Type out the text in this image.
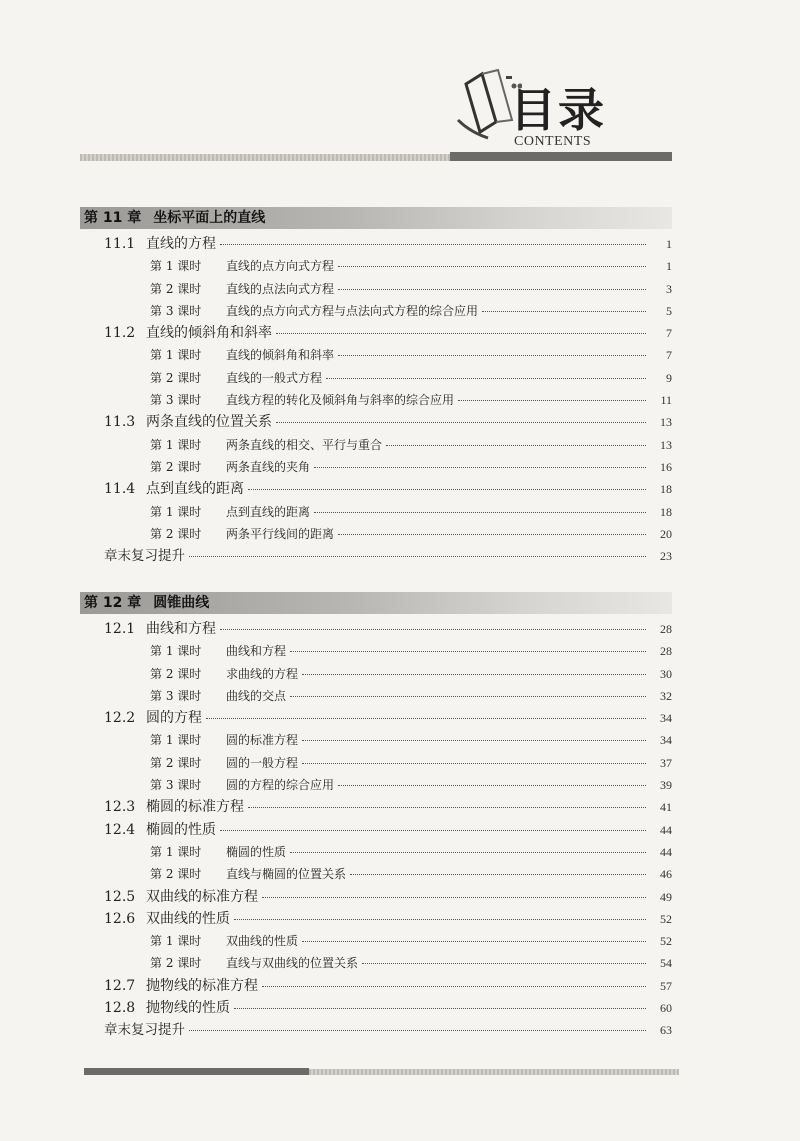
目录
CONTENTS
第 11 章 坐标平面上的直线
11.1 直线的方程	1
第 1 课时	直线的点方向式方程	1
第 2 课时	直线的点法向式方程	3
第 3 课时	直线的点方向式方程与点法向式方程的综合应用	5
11.2 直线的倾斜角和斜率	7
第 1 课时	直线的倾斜角和斜率	7
第 2 课时	直线的一般式方程	9
第 3 课时	直线方程的转化及倾斜角与斜率的综合应用	11
11.3 两条直线的位置关系	13
第 1 课时	两条直线的相交、平行与重合	13
第 2 课时	两条直线的夹角	16
11.4 点到直线的距离	18
第 1 课时	点到直线的距离	18
第 2 课时	两条平行线间的距离	20
章末复习提升	23
第 12 章 圆锥曲线
12.1 曲线和方程	28
第 1 课时	曲线和方程	28
第 2 课时	求曲线的方程	30
第 3 课时	曲线的交点	32
12.2 圆的方程	34
第 1 课时	圆的标准方程	34
第 2 课时	圆的一般方程	37
第 3 课时	圆的方程的综合应用	39
12.3 椭圆的标准方程	41
12.4 椭圆的性质	44
第 1 课时	椭圆的性质	44
第 2 课时	直线与椭圆的位置关系	46
12.5 双曲线的标准方程	49
12.6 双曲线的性质	52
第 1 课时	双曲线的性质	52
第 2 课时	直线与双曲线的位置关系	54
12.7 抛物线的标准方程	57
12.8 抛物线的性质	60
章末复习提升	63
